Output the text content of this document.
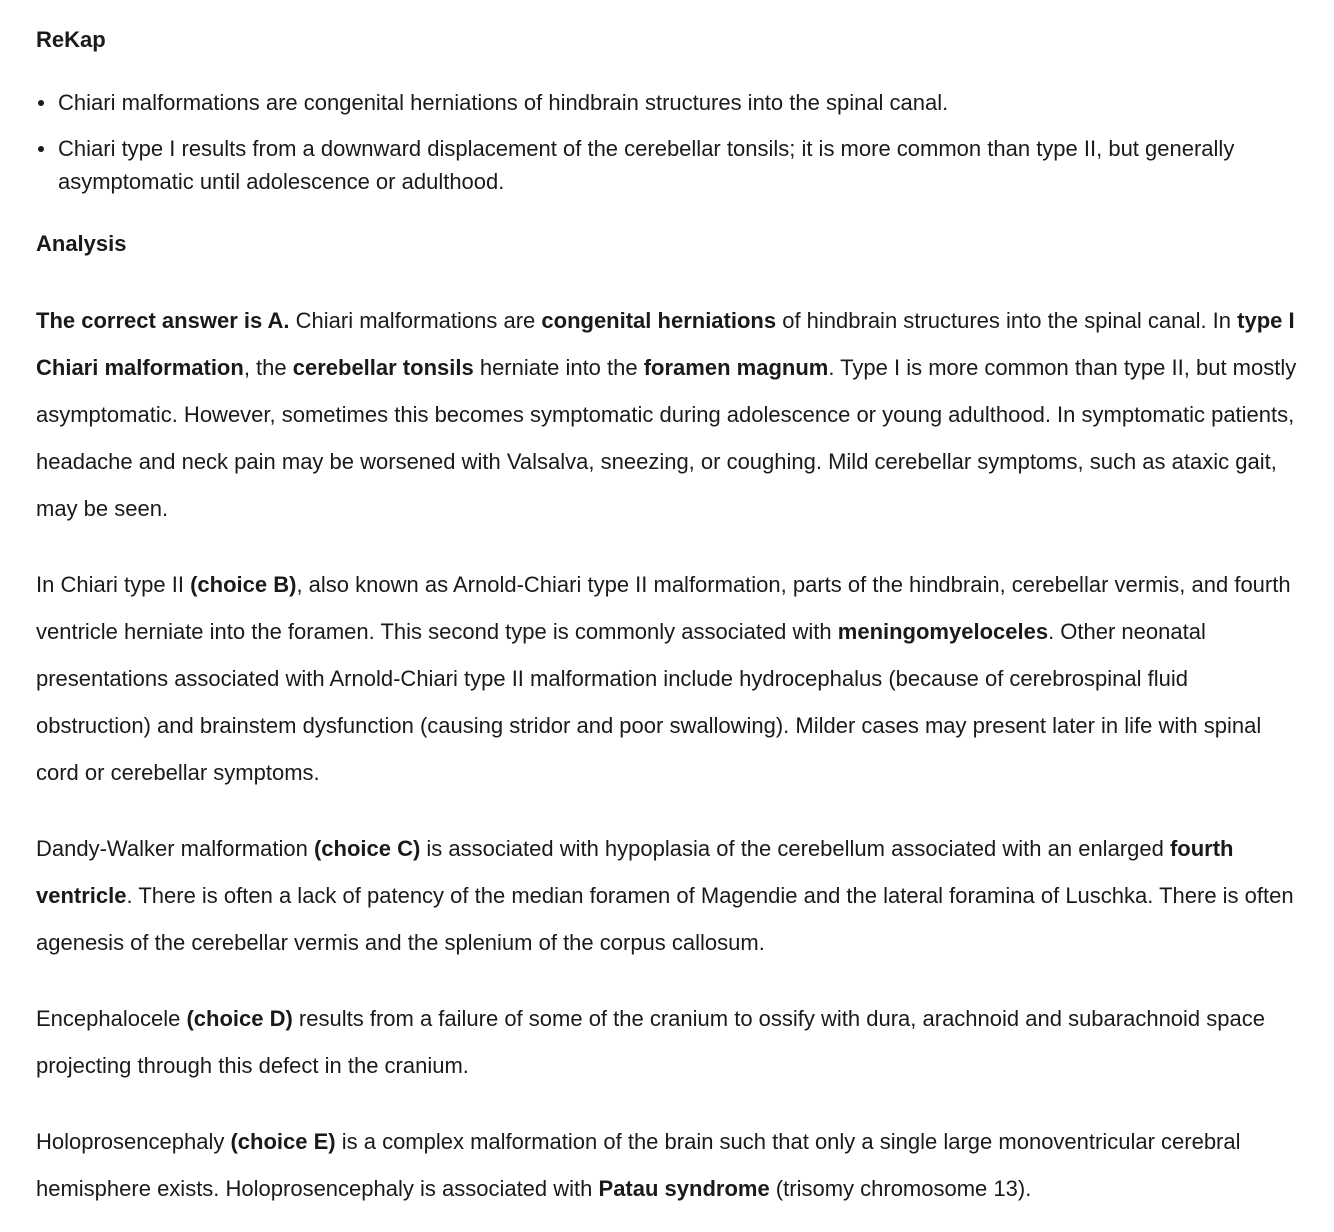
ReKap
Chiari malformations are congenital herniations of hindbrain structures into the spinal canal.
Chiari type I results from a downward displacement of the cerebellar tonsils; it is more common than type II, but generally asymptomatic until adolescence or adulthood.
Analysis

The correct answer is A. Chiari malformations are congenital herniations of hindbrain structures into the spinal canal. In type I Chiari malformation, the cerebellar tonsils herniate into the foramen magnum. Type I is more common than type II, but mostly asymptomatic. However, sometimes this becomes symptomatic during adolescence or young adulthood. In symptomatic patients, headache and neck pain may be worsened with Valsalva, sneezing, or coughing. Mild cerebellar symptoms, such as ataxic gait, may be seen.

In Chiari type II (choice B), also known as Arnold-Chiari type II malformation, parts of the hindbrain, cerebellar vermis, and fourth ventricle herniate into the foramen. This second type is commonly associated with meningomyeloceles. Other neonatal presentations associated with Arnold-Chiari type II malformation include hydrocephalus (because of cerebrospinal fluid obstruction) and brainstem dysfunction (causing stridor and poor swallowing). Milder cases may present later in life with spinal cord or cerebellar symptoms.

Dandy-Walker malformation (choice C) is associated with hypoplasia of the cerebellum associated with an enlarged fourth ventricle. There is often a lack of patency of the median foramen of Magendie and the lateral foramina of Luschka. There is often agenesis of the cerebellar vermis and the splenium of the corpus callosum.

Encephalocele (choice D) results from a failure of some of the cranium to ossify with dura, arachnoid and subarachnoid space projecting through this defect in the cranium.

Holoprosencephaly (choice E) is a complex malformation of the brain such that only a single large monoventricular cerebral hemisphere exists. Holoprosencephaly is associated with Patau syndrome (trisomy chromosome 13).
